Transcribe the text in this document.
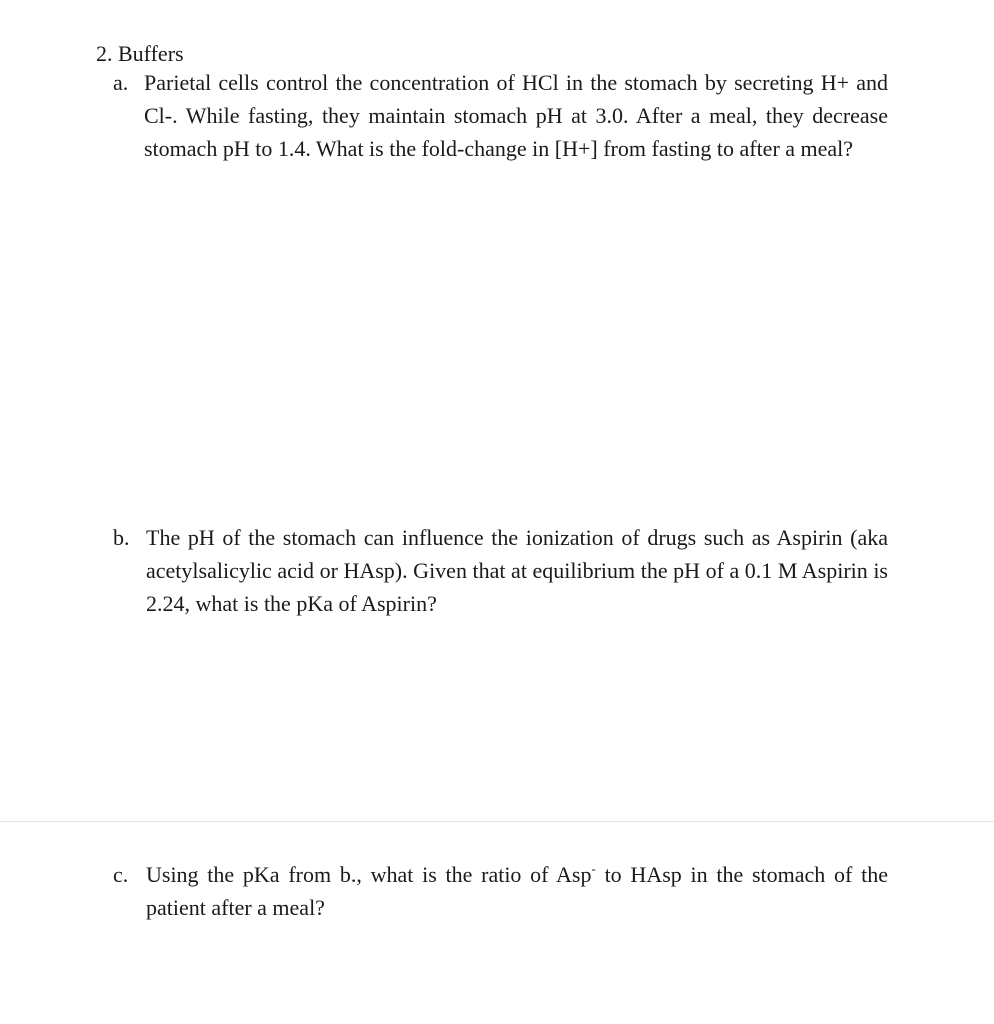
2. Buffers
a. Parietal cells control the concentration of HCl in the stomach by secreting H+ and Cl-. While fasting, they maintain stomach pH at 3.0. After a meal, they decrease stomach pH to 1.4. What is the fold-change in [H+] from fasting to after a meal?
b. The pH of the stomach can influence the ionization of drugs such as Aspirin (aka acetylsalicylic acid or HAsp). Given that at equilibrium the pH of a 0.1 M Aspirin is 2.24, what is the pKa of Aspirin?
c. Using the pKa from b., what is the ratio of Asp- to HAsp in the stomach of the patient after a meal?
